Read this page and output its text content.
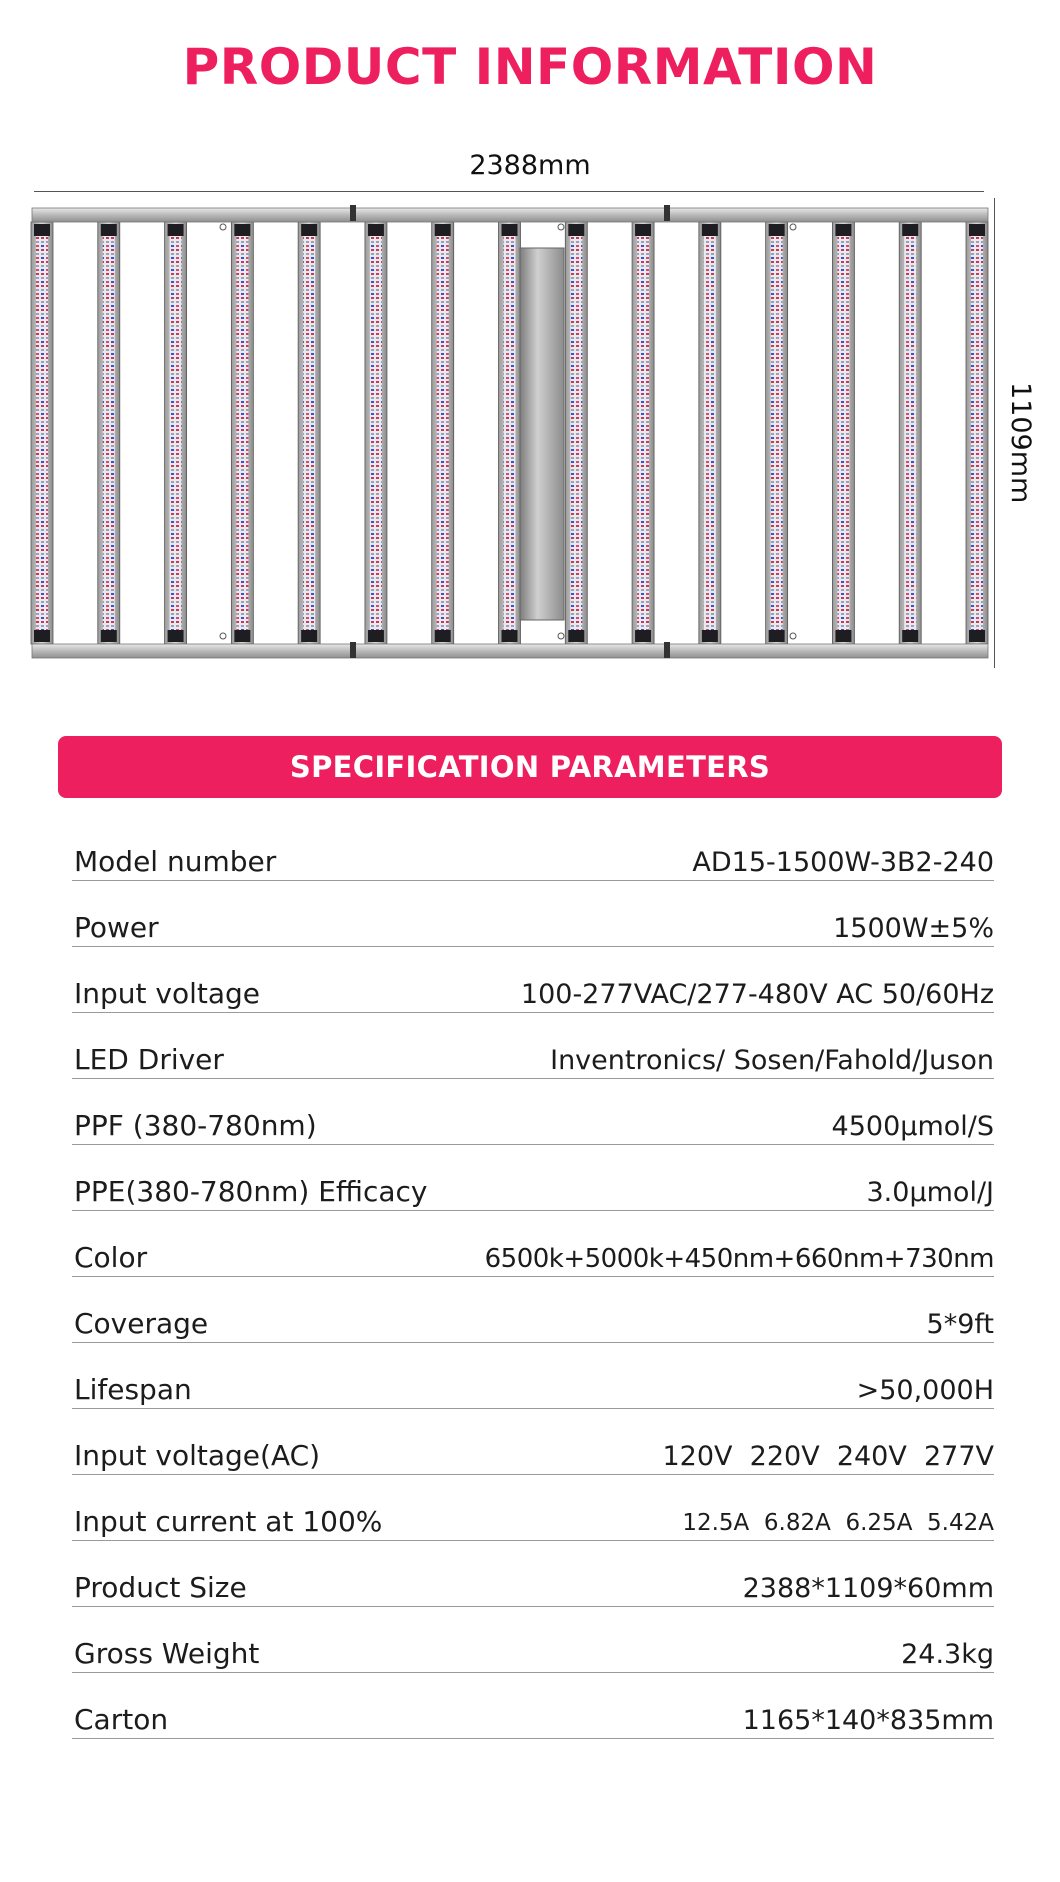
PRODUCT INFORMATION
2388mm
1109mm
SPECIFICATION PARAMETERS
Model number	AD15-1500W-3B2-240
Power	1500W±5%
Input voltage	100-277VAC/277-480V AC 50/60Hz
LED Driver	Inventronics/ Sosen/Fahold/Juson
PPF (380-780nm)	4500μmol/S
PPE(380-780nm) Efficacy	3.0μmol/J
Color	6500k+5000k+450nm+660nm+730nm
Coverage	5*9ft
Lifespan	>50,000H
Input voltage(AC)	120V  220V  240V  277V
Input current at 100%	12.5A  6.82A  6.25A  5.42A
Product Size	2388*1109*60mm
Gross Weight	24.3kg
Carton	1165*140*835mm
